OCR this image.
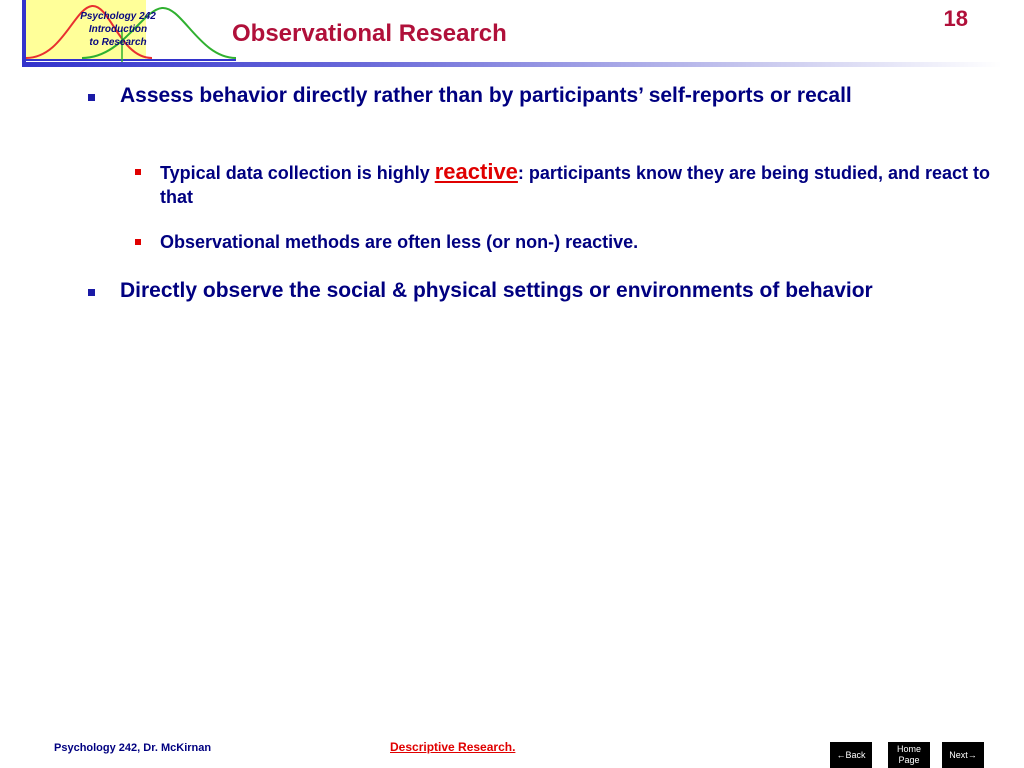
Psychology 242
Introduction
to Research	Observational Research
18
Assess behavior directly rather than by participants’ self-reports or recall
Typical data collection is highly reactive: participants know they are being studied, and react to that
Observational methods are often less (or non-) reactive.
Directly observe the social & physical settings or environments of behavior
Psychology 242, Dr. McKirnan	Descriptive Research.
←Back
Home
Page
Next→
